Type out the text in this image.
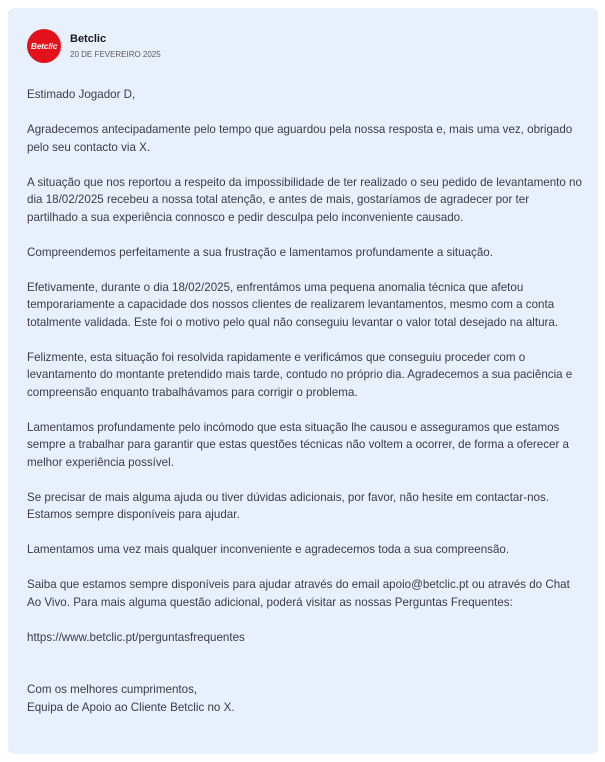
Betclic
Betclic
20 DE FEVEREIRO 2025

Estimado Jogador D,

Agradecemos antecipadamente pelo tempo que aguardou pela nossa resposta e, mais uma vez, obrigado pelo seu contacto via X.

A situação que nos reportou a respeito da impossibilidade de ter realizado o seu pedido de levantamento no dia 18/02/2025 recebeu a nossa total atenção, e antes de mais, gostaríamos de agradecer por ter partilhado a sua experiência connosco e pedir desculpa pelo inconveniente causado.

Compreendemos perfeitamente a sua frustração e lamentamos profundamente a situação.

Efetivamente, durante o dia 18/02/2025, enfrentámos uma pequena anomalia técnica que afetou temporariamente a capacidade dos nossos clientes de realizarem levantamentos, mesmo com a conta totalmente validada. Este foi o motivo pelo qual não conseguiu levantar o valor total desejado na altura.

Felizmente, esta situação foi resolvida rapidamente e verificámos que conseguiu proceder com o levantamento do montante pretendido mais tarde, contudo no próprio dia. Agradecemos a sua paciência e compreensão enquanto trabalhávamos para corrigir o problema.

Lamentamos profundamente pelo incómodo que esta situação lhe causou e asseguramos que estamos sempre a trabalhar para garantir que estas questões técnicas não voltem a ocorrer, de forma a oferecer a melhor experiência possível.

Se precisar de mais alguma ajuda ou tiver dúvidas adicionais, por favor, não hesite em contactar-nos. Estamos sempre disponíveis para ajudar.

Lamentamos uma vez mais qualquer inconveniente e agradecemos toda a sua compreensão.

Saiba que estamos sempre disponíveis para ajudar através do email apoio@betclic.pt ou através do Chat Ao Vivo. Para mais alguma questão adicional, poderá visitar as nossas Perguntas Frequentes:

https://www.betclic.pt/perguntasfrequentes

Com os melhores cumprimentos,
Equipa de Apoio ao Cliente Betclic no X.
